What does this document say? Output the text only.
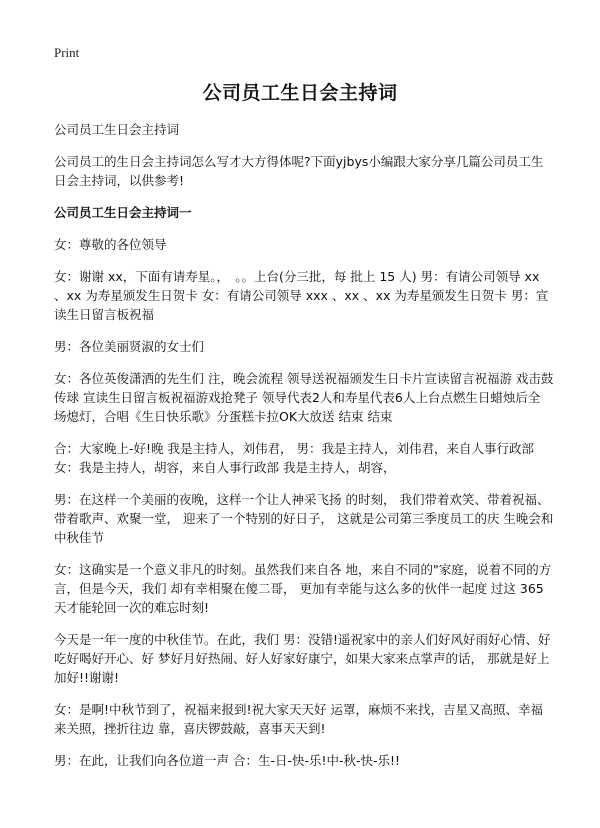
Print
公司员工生日会主持词

公司员工生日会主持词

公司员工的生日会主持词怎么写才大方得体呢?下面yjbys小编跟大家分享几篇公司员工生日会主持词，以供参考!

公司员工生日会主持词一

女：尊敬的各位领导

女：谢谢 xx，下面有请寿星。，　。。上台(分三批，每 批上 15 人) 男：有请公司领导 xx 、xx 为寿星颁发生日贺卡 女：有请公司领导 xxx 、xx 、xx 为寿星颁发生日贺卡 男：宣读生日留言板祝福

男：各位美丽贤淑的女士们

女：各位英俊潇洒的先生们 注，晚会流程 领导送祝福颁发生日卡片宣读留言祝福游 戏击鼓传球 宣读生日留言板祝福游戏抢凳子 领导代表2人和寿星代表6人上台点燃生日蜡烛后全 场熄灯，合唱《生日快乐歌》分蛋糕卡拉OK大放送 结束 结束

合：大家晚上-好!晚 我是主持人，刘伟君， 男：我是主持人，刘伟君，来自人事行政部 女：我是主持人，胡容，来自人事行政部 我是主持人，胡容，

男：在这样一个美丽的夜晚，这样一个让人神采飞扬 的时刻， 我们带着欢笑、带着祝福、带着歌声、欢聚一堂， 迎来了一个特别的好日子， 这就是公司第三季度员工的庆 生晚会和中秋佳节

女：这确实是一个意义非凡的时刻。虽然我们来自各 地，来自不同的"家庭，说着不同的方言，但是今天，我们 却有幸相聚在傻二哥， 更加有幸能与这么多的伙伴一起度 过这 365 天才能轮回一次的难忘时刻!

今天是一年一度的中秋佳节。在此，我们 男：没错!遥祝家中的亲人们好风好雨好心情、好吃好喝好开心、好 梦好月好热闹、好人好家好康宁，如果大家来点掌声的话， 那就是好上加好!!谢谢!

女：是啊!中秋节到了，祝福来报到!祝大家天天好 运罩，麻烦不来找，吉星又高照、幸福来关照，挫折往边 靠，喜庆锣鼓敲，喜事天天到!

男：在此，让我们向各位道一声 合：生-日-快-乐!中-秋-快-乐!!
